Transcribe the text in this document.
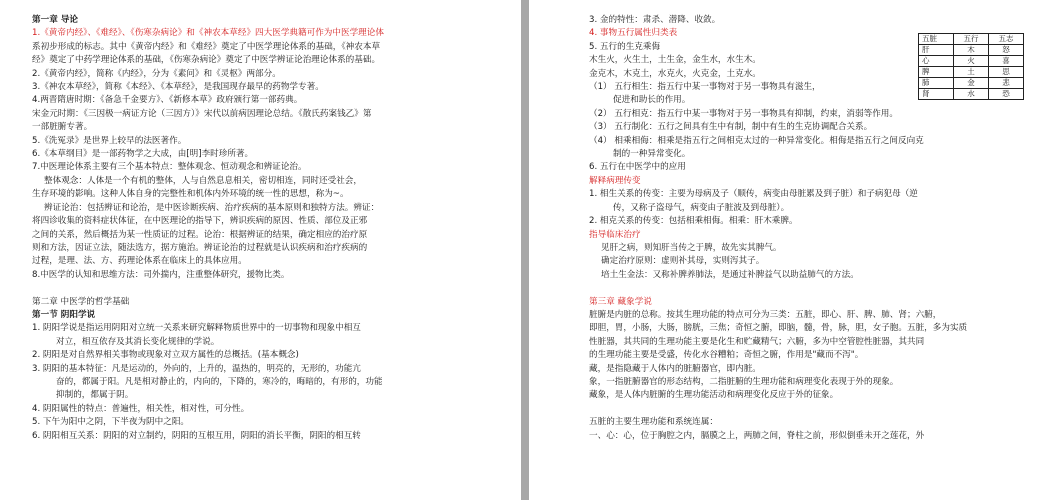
第一章 导论
1.《黄帝内经》、《难经》、《伤寒杂病论》和《神农本草经》四大医学典籍可作为中医学理论体
系初步形成的标志。其中《黄帝内经》和《难经》奠定了中医学理论体系的基础，《神农本草
经》奠定了中药学理论体系的基础，《伤寒杂病论》奠定了中医学辨证论治理论体系的基础。
2.《黄帝内经》，简称《内经》，分为《素问》和《灵枢》两部分。
3.《神农本草经》，简称《本经》、《本草经》，是我国现存最早的药物学专著。
4.两晋隋唐时期：《备急千金要方》、《新修本草》政府颁行第一部药典。
宋金元时期：《三因极一病证方论（三因方）》宋代以前病因理论总结。《散氏药案钱乙》第
一部脏腑专著。
5.《洗冤录》是世界上较早的法医著作。
6.《本草纲目》是一部药物学之大成，由[明]李时珍所著。
7.中医理论体系主要有三个基本特点：整体观念、恒动观念和辨证论治。
整体观念：人体是一个有机的整体，人与自然息息相关，密切相连，同时还受社会，
生存环境的影响。这种人体自身的完整性和机体内外环境的统一性的思想，称为~。
辨证论治：包括辨证和论治，是中医诊断疾病、治疗疾病的基本原则和独特方法。辨证：
将四诊收集的资料症状体征，在中医理论的指导下，辨识疾病的原因、性质、部位及正邪
之间的关系，然后概括为某一性质证的过程。论治：根据辨证的结果，确定相应的治疗原
则和方法，因证立法，随法选方，据方施治。辨证论治的过程就是认识疾病和治疗疾病的
过程，是理、法、方、药理论体系在临床上的具体应用。
8.中医学的认知和思维方法：司外揣内，注重整体研究，援物比类。
第二章 中医学的哲学基础
第一节 阴阳学说
1. 阴阳学说是指运用阴阳对立统一关系来研究解释物质世界中的一切事物和现象中相互
对立，相互依存及其消长变化规律的学说。
2. 阴阳是对自然界相关事物或现象对立双方属性的总概括。(基本概念)
3. 阴阳的基本特征：凡是运动的，外向的，上升的，温热的，明亮的，无形的，功能亢
奋的，都属于阳。凡是相对静止的，内向的，下降的，寒冷的，晦暗的，有形的，功能
抑制的，都属于阴。
4. 阴阳属性的特点：普遍性，相关性，相对性，可分性。
5. 下午为阳中之阴，下半夜为阴中之阳。
6. 阴阳相互关系：阴阳的对立制约，阴阳的互根互用，阴阳的消长平衡，阴阳的相互转
3. 金的特性：肃杀、潜降、收敛。
4. 事物五行属性归类表
5. 五行的生克乘侮
木生火，火生土，土生金，金生水，水生木。
金克木，木克土，水克火，火克金，土克水。
（1） 五行相生：指五行中某一事物对于另一事物具有滋生，
促进和助长的作用。
（2） 五行相克：指五行中某一事物对于另一事物具有抑制，约束，消弱等作用。
（3） 五行制化：五行之间具有生中有制，制中有生的生克协调配合关系。
（4） 相乘相侮：相乘是指五行之间相克太过的一种异常变化。相侮是指五行之间反向克
制的一种异常变化。
6. 五行在中医学中的应用
解释病理传变
1. 相生关系的传变：主要为母病及子（顺传，病变由母脏累及到子脏）和子病犯母（逆
传，又称子盗母气，病变由子脏波及到母脏）。
2. 相克关系的传变：包括相乘相侮。相乘：肝木乘脾。
指导临床治疗
见肝之病，则知肝当传之于脾，故先实其脾气。
确定治疗原则：虚则补其母，实则泻其子。
培土生金法：又称补脾养肺法，是通过补脾益气以助益肺气的方法。
第三章 藏象学说
脏腑是内脏的总称。按其生理功能的特点可分为三类：五脏，即心、肝、脾、肺、肾；六腑，
即胆，胃，小肠，大肠，膀胱，三焦；奇恒之腑，即脑，髓，骨，脉，胆，女子胞。五脏，多为实质
性脏器，其共同的生理功能主要是化生和贮藏精气；六腑，多为中空管腔性脏器，其共同
的生理功能主要是受盛，传化水谷糟粕；奇恒之腑，作用是"藏而不泻"。
藏，是指隐藏于人体内的脏腑器官，即内脏。
象，一指脏腑器官的形态结构，二指脏腑的生理功能和病理变化表现于外的现象。
藏象，是人体内脏腑的生理功能活动和病理变化反应于外的征象。
五脏的主要生理功能和系统连属：
一、心：心，位于胸腔之内，膈膜之上，两肺之间，脊柱之前，形似倒垂未开之莲花，外
五脏	五行	五志
肝	木	怒
心	火	喜
脾	土	思
肺	金	悲
肾	水	恐
